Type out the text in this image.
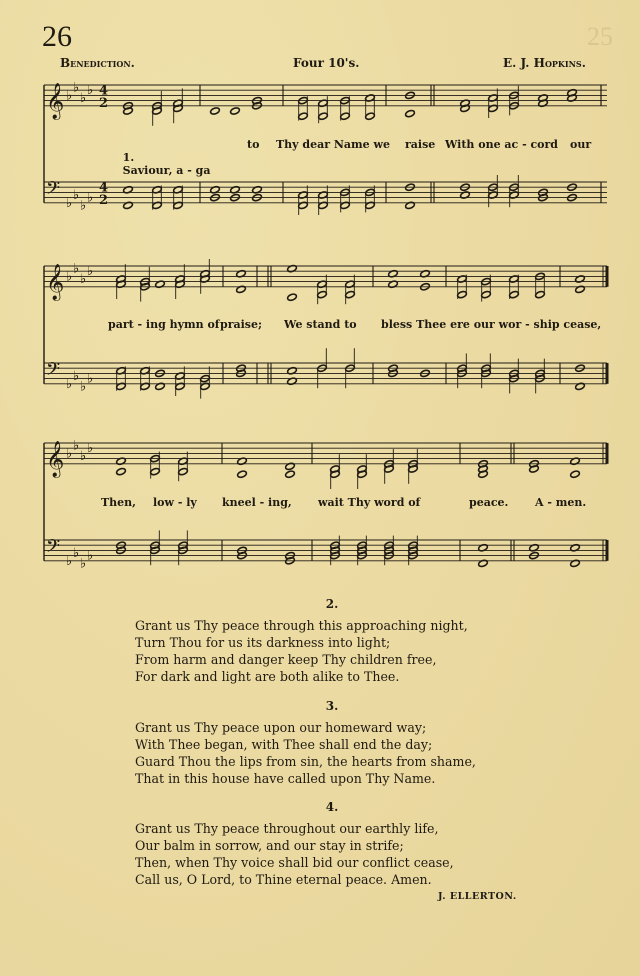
26	25
Benediction.	Four 10's.	E. J. Hopkins.
𝄞
𝄢
♭
♭
♭
♭
♭
♭
♭
♭
4
2
4
2
𝄞
𝄢
♭
♭
♭
♭
♭
♭
♭
♭
𝄞
𝄢
♭
♭
♭
♭
♭
♭
♭
♭

1.
Saviour, a - ga

to Thy dear Name we raise With one ac - cord our
part - ing hymn of praise; We stand to bless Thee ere our wor - ship cease,
Then, low - ly kneel - ing, wait Thy word of	peace. A - men.
2.
Grant us Thy peace through this approaching night,
Turn Thou for us its darkness into light;
From harm and danger keep Thy children free,
For dark and light are both alike to Thee.
3.
Grant us Thy peace upon our homeward way;
With Thee began, with Thee shall end the day;
Guard Thou the lips from sin, the hearts from shame,
That in this house have called upon Thy Name.
4.
Grant us Thy peace throughout our earthly life,
Our balm in sorrow, and our stay in strife;
Then, when Thy voice shall bid our conflict cease,
Call us, O Lord, to Thine eternal peace. Amen.
J. ELLERTON.
